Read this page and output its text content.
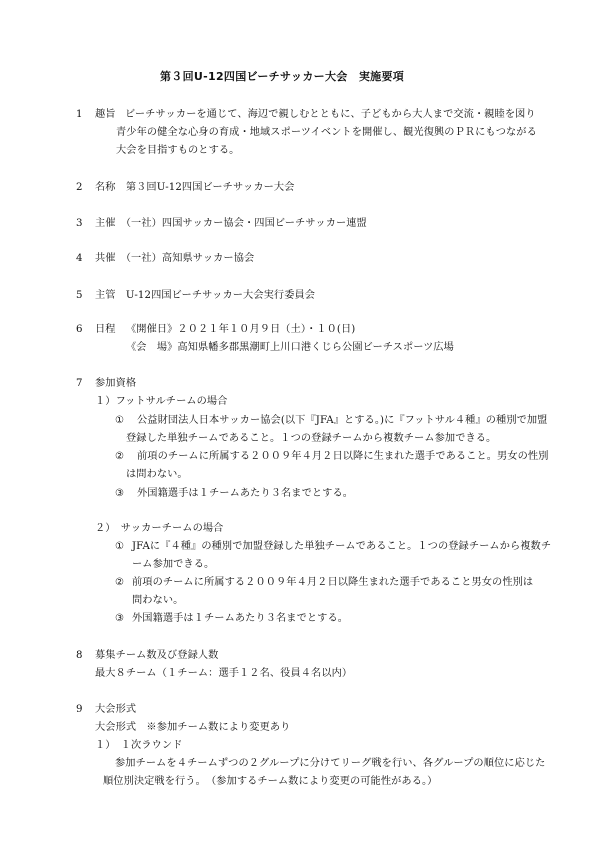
第３回U-12四国ビーチサッカー大会　実施要項
1 趣旨 ビーチサッカーを通じて、海辺で親しむとともに、子どもから大人まで交流・親睦を図り
青少年の健全な心身の育成・地域スポーツイベントを開催し、観光復興のＰＲにもつながる
大会を目指すものとする。
2 名称　第３回U-12四国ビーチサッカー大会
3 主催　（一社）四国サッカー協会・四国ビーチサッカー連盟
4 共催　（一社）高知県サッカー協会
5 主管　U-12四国ビーチサッカー大会実行委員会
6 日程 《開催日》２０２１年１０月９日（土）・１０(日)
《会　場》高知県幡多郡黒潮町上川口港くじら公園ビーチスポーツ広場
7 参加資格
１）フットサルチームの場合
① 公益財団法人日本サッカー協会(以下『JFA』とする。)に『フットサル４種』の種別で加盟
登録した単独チームであること。１つの登録チームから複数チーム参加できる。
② 前項のチームに所属する２００９年４月２日以降に生まれた選手であること。男女の性別
は問わない。
③ 外国籍選手は１チームあたり３名までとする。
２）　サッカーチームの場合
① JFAに『４種』の種別で加盟登録した単独チームであること。１つの登録チームから複数チ
ーム参加できる。
② 前項のチームに所属する２００９年４月２日以降生まれた選手であること男女の性別は
問わない。
③ 外国籍選手は１チームあたり３名までとする。
8 募集チーム数及び登録人数
最大８チーム（１チーム：選手１２名、役員４名以内）
9 大会形式
大会形式　※参加チーム数により変更あり
１）　１次ラウンド
参加チームを４チームずつの２グループに分けてリーグ戦を行い、各グループの順位に応じた
順位別決定戦を行う。　（参加するチーム数により変更の可能性がある。）
